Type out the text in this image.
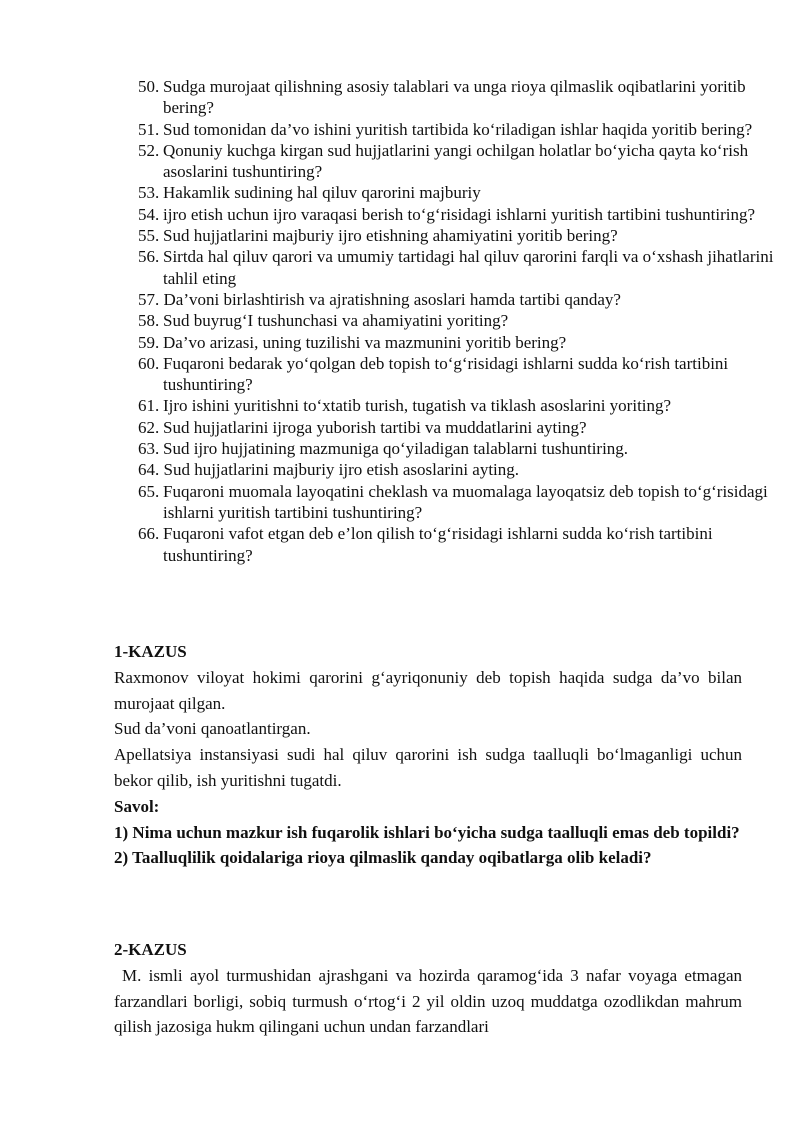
50. Sudga murojaat qilishning asosiy talablari va unga rioya qilmaslik oqibatlarini yoritib bering?
51. Sud tomonidan da’vo ishini yuritish tartibida ko‘riladigan ishlar haqida yoritib bering?
52. Qonuniy kuchga kirgan sud hujjatlarini yangi ochilgan holatlar bo‘yicha qayta ko‘rish asoslarini tushuntiring?
53. Hakamlik sudining hal qiluv qarorini majburiy
54. ijro etish uchun ijro varaqasi berish to‘g‘risidagi ishlarni yuritish tartibini tushuntiring?
55. Sud hujjatlarini majburiy ijro etishning ahamiyatini yoritib bering?
56. Sirtda hal qiluv qarori va umumiy tartidagi hal qiluv qarorini farqli va o‘xshash jihatlarini tahlil eting
57. Da’voni birlashtirish va ajratishning asoslari hamda tartibi qanday?
58. Sud buyrug‘I tushunchasi va ahamiyatini yoriting?
59. Da’vo arizasi, uning tuzilishi va mazmunini yoritib bering?
60. Fuqaroni bedarak yo‘qolgan deb topish to‘g‘risidagi ishlarni sudda ko‘rish tartibini tushuntiring?
61. Ijro ishini yuritishni to‘xtatib turish, tugatish va tiklash asoslarini yoriting?
62. Sud hujjatlarini ijroga yuborish tartibi va muddatlarini ayting?
63. Sud ijro hujjatining mazmuniga qo‘yiladigan talablarni tushuntiring.
64. Sud hujjatlarini majburiy ijro etish asoslarini ayting.
65. Fuqaroni muomala layoqatini cheklash va muomalaga layoqatsiz deb topish to‘g‘risidagi ishlarni yuritish tartibini tushuntiring?
66. Fuqaroni vafot etgan deb e’lon qilish to‘g‘risidagi ishlarni sudda ko‘rish tartibini tushuntiring?
1-KAZUS

Raxmonov viloyat hokimi qarorini g‘ayriqonuniy deb topish haqida sudga da’vo bilan murojaat qilgan.

Sud da’voni qanoatlantirgan.

Apellatsiya instansiyasi sudi hal qiluv qarorini ish sudga taalluqli bo‘lmaganligi uchun bekor qilib, ish yuritishni tugatdi.

Savol:

1) Nima uchun mazkur ish fuqarolik ishlari bo‘yicha sudga taalluqli emas deb topildi?

2) Taalluqlilik qoidalariga rioya qilmaslik qanday oqibatlarga olib keladi?

2-KAZUS

M. ismli ayol turmushidan ajrashgani va hozirda qaramog‘ida 3 nafar voyaga etmagan farzandlari borligi, sobiq turmush o‘rtog‘i 2 yil oldin uzoq muddatga ozodlikdan mahrum qilish jazosiga hukm qilingani uchun undan farzandlari
